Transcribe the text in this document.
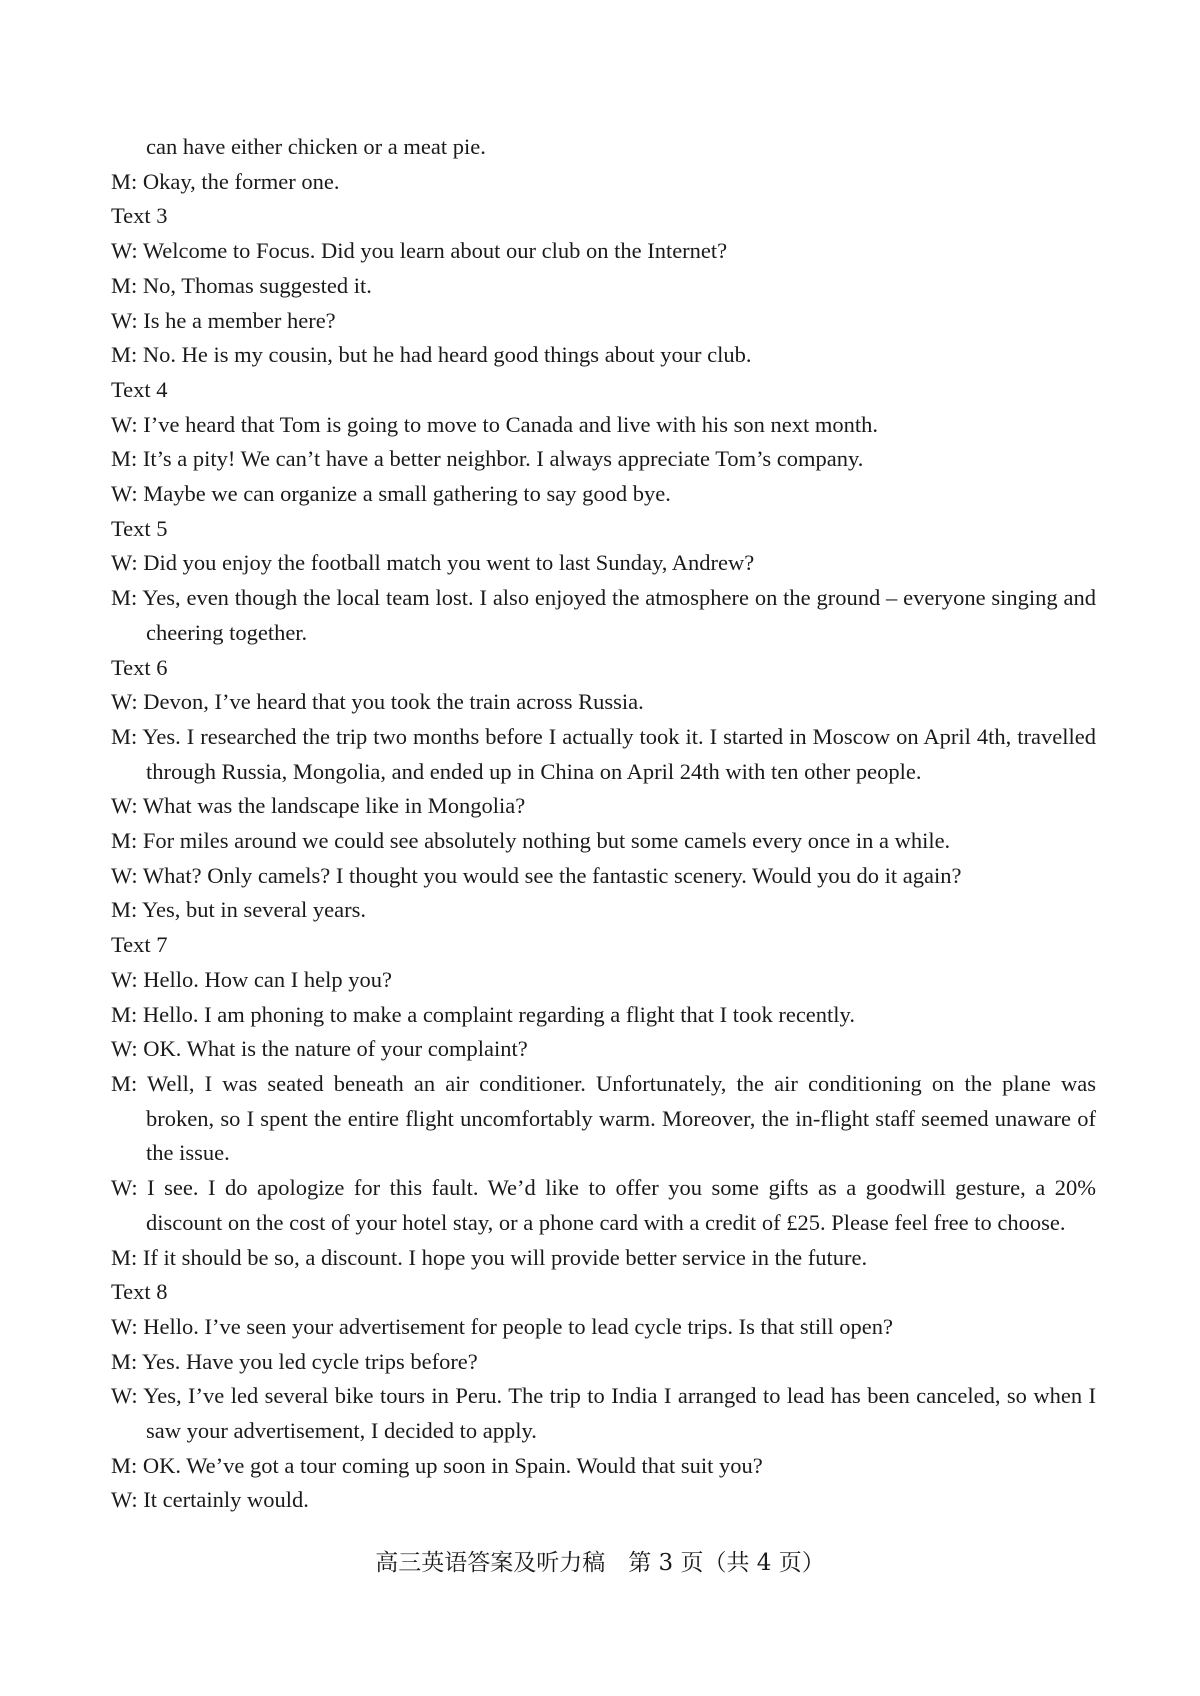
can have either chicken or a meat pie.

M: Okay, the former one.

Text 3

W: Welcome to Focus. Did you learn about our club on the Internet?

M: No, Thomas suggested it.

W: Is he a member here?

M: No. He is my cousin, but he had heard good things about your club.

Text 4

W: I’ve heard that Tom is going to move to Canada and live with his son next month.

M: It’s a pity! We can’t have a better neighbor. I always appreciate Tom’s company.

W: Maybe we can organize a small gathering to say good bye.

Text 5

W: Did you enjoy the football match you went to last Sunday, Andrew?

M: Yes, even though the local team lost. I also enjoyed the atmosphere on the ground – everyone singing and cheering together.

Text 6

W: Devon, I’ve heard that you took the train across Russia.

M: Yes. I researched the trip two months before I actually took it. I started in Moscow on April 4th, travelled through Russia, Mongolia, and ended up in China on April 24th with ten other people.

W: What was the landscape like in Mongolia?

M: For miles around we could see absolutely nothing but some camels every once in a while.

W: What? Only camels? I thought you would see the fantastic scenery. Would you do it again?

M: Yes, but in several years.

Text 7

W: Hello. How can I help you?

M: Hello. I am phoning to make a complaint regarding a flight that I took recently.

W: OK. What is the nature of your complaint?

M: Well, I was seated beneath an air conditioner. Unfortunately, the air conditioning on the plane was broken, so I spent the entire flight uncomfortably warm. Moreover, the in-flight staff seemed unaware of the issue.

W: I see. I do apologize for this fault. We’d like to offer you some gifts as a goodwill gesture, a 20% discount on the cost of your hotel stay, or a phone card with a credit of £25. Please feel free to choose.

M: If it should be so, a discount. I hope you will provide better service in the future.

Text 8

W: Hello. I’ve seen your advertisement for people to lead cycle trips. Is that still open?

M: Yes. Have you led cycle trips before?

W: Yes, I’ve led several bike tours in Peru. The trip to India I arranged to lead has been canceled, so when I saw your advertisement, I decided to apply.

M: OK. We’ve got a tour coming up soon in Spain. Would that suit you?

W: It certainly would.

高三英语答案及听力稿　第 3 页（共 4 页）
